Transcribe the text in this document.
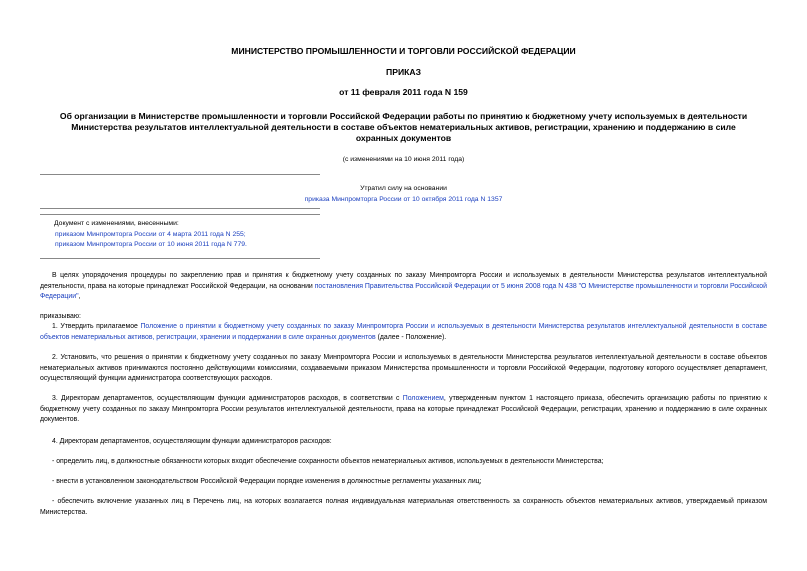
МИНИСТЕРСТВО ПРОМЫШЛЕННОСТИ И ТОРГОВЛИ РОССИЙСКОЙ ФЕДЕРАЦИИ
ПРИКАЗ
от 11 февраля 2011 года N 159
Об организации в Министерстве промышленности и торговли Российской Федерации работы по принятию к бюджетному учету используемых в деятельности
Министерства результатов интеллектуальной деятельности в составе объектов нематериальных активов, регистрации, хранению и поддержанию в силе
охранных документов
(с изменениями на 10 июня 2011 года)
Утратил силу на основании
приказа Минпромторга России от 10 октября 2011 года N 1357
Документ с изменениями, внесенными:
приказом Минпромторга России от 4 марта 2011 года N 255;
приказом Минпромторга России от 10 июня 2011 года N 779.
В целях упорядочения процедуры по закреплению прав и принятия к бюджетному учету созданных по заказу Минпромторга России и используемых в деятельности Министерства результатов интеллектуальной деятельности, права на которые принадлежат Российской Федерации, на основании постановления Правительства Российской Федерации от 5 июня 2008 года N 438 "О Министерстве промышленности и торговли Российской Федерации",
приказываю:
1. Утвердить прилагаемое Положение о принятии к бюджетному учету созданных по заказу Минпромторга России и используемых в деятельности Министерства результатов интеллектуальной деятельности в составе объектов нематериальных активов, регистрации, хранении и поддержании в силе охранных документов (далее - Положение).
2. Установить, что решения о принятии к бюджетному учету созданных по заказу Минпромторга России и используемых в деятельности Министерства результатов интеллектуальной деятельности в составе объектов нематериальных активов принимаются постоянно действующими комиссиями, создаваемыми приказом Министерства промышленности и торговли Российской Федерации, подготовку которого осуществляет департамент, осуществляющий функции администратора соответствующих расходов.
3. Директорам департаментов, осуществляющим функции администраторов расходов, в соответствии с Положением, утвержденным пунктом 1 настоящего приказа, обеспечить организацию работы по принятию к бюджетному учету созданных по заказу Минпромторга России результатов интеллектуальной деятельности, права на которые принадлежат Российской Федерации, регистрации, хранению и поддержанию в силе охранных документов.
4. Директорам департаментов, осуществляющим функции администраторов расходов:
- определить лиц, в должностные обязанности которых входит обеспечение сохранности объектов нематериальных активов, используемых в деятельности Министерства;
- внести в установленном законодательством Российской Федерации порядке изменения в должностные регламенты указанных лиц;
- обеспечить включение указанных лиц в Перечень лиц, на которых возлагается полная индивидуальная материальная ответственность за сохранность объектов нематериальных активов, утверждаемый приказом Министерства.
